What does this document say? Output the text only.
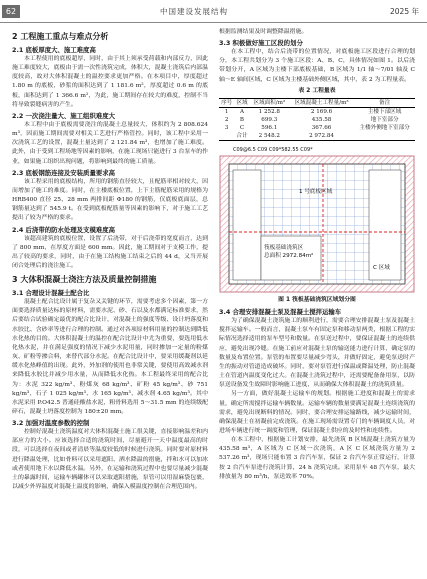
62	中国建设发展结构	2025 年
2 工程施工重点与难点分析
2.1 底板厚度大、施工难度高

本工程使用的底板超厚，同时，由于其上须承受荷载和内部反力，因此施工难度较大，底板由于需一次性浇筑完成，体积大，混凝土浇筑后内部温度较高，故对大体积混凝土的温控要求更加严格。在本项目中，厚度超过 1.80 m 的底板，砂浆的面积达到了 1 181.6 m²，厚度超过 0.6 m 的底板，面积达到了 1 366.6 m²，为此，施工期间存在较大的难度，控制不当将导致裂缝病害的产生。

2.2 一次浇注量大、施工组织难度大

本工程中由于底板需要浇注的混凝土总量较大，体积约为 2 808.624 m³，因而施工期间需要对相关工艺进行严格管控。同时，该工程中采用一次浇筑工艺的设置，混凝土量达到了 2 121.84 m³，也增加了施工难度。此外，由于受到工程场地等因素的影响，在施工现场只能进行 3 台泵车的作业，如果施工组织出现问题，将影响到最终的施工质量。

2.3 底板钢筋连接及安装质量要求高

该工程采用的底板结构，所用的钢筋直径较大，且配筋率相对较大，因而增加了施工的难度。同时，在主楼底板位置，上下主筋配筋采用的规格为 HRB400 直径 25、28 mm 两排间距 Φ180 的钢筋，仅底板底面层，总钢筋量达到了 545.9 t。在受到底板配筋量等因素的影响下，对于施工工艺提出了较为严格的要求。

2.4 后浇带的防水处理及支模难度高

该超高建筑的底板位置，设置了后浇带，对于后浇带的宽度而言，达到了 800 mm，在厚度方面是 600 mm。因此，施工期间对于支模工作，提出了较高的要求，同时，由于在施工结构施工结束之后的 44 d，又当开展闭合处理后的浇注施工。

3 大体积混凝土浇注方法及质量控制措施
3.1 合理设计混凝土配合比

混凝土配合比设计属于复杂又关键的环节，需要考虑多个因素，第一方面要选择质量达标的原材料，需要水泥、砂、石以及水都满足标准要求，然后要结合试验确定最优的配合比设计，对混凝土的强度等级、设计坍落度和水胶比、含砂率等进行合理的控制。通过对各项原材料用量的控制达到降低水化热的目的。大体积混凝土的温控在配合比设计中尤为重要，要选用低水化热水泥，并在满足强度的情况下减少水泥用量，同时掺加一定量的粉煤灰、矿粉等掺合料，来替代部分水泥。在配合比设计中，要采用缓凝剂以延缓水化热峰值的出现。此外，外加剂的使用也非常关键，要使用高效减水剂来降低水胶比并减少用水量，从而降低水化热。本工程最终采用的配合比为：水泥 322 kg/m³、粉煤灰 68 kg/m³、矿粉 45 kg/m³、砂 751 kg/m³、石子 1 025 kg/m³、水 165 kg/m³、减水剂 4.65 kg/m³。其中水泥采用 P.O42.5 普通硅酸盐水泥，粗骨料选用 5～31.5 mm 的连续级配碎石，混凝土坍落度控制为 180±20 mm。

3.2 加强对温度参数的控制

控制好混凝土浇筑温度对大体积混凝土施工很关键，直接影响温差和内部应力的大小。应该选择合适的浇筑时间，尽量避开一天中温度最高的时段，可以选择在夜间或者清晨等温度较低的时候进行浇筑。同时要对原材料进行降温处理，比如骨料可以采用遮阳、洒水降温的措施，拌和水可以加冰或者使用地下水以降低水温。另外，在运输和浇筑过程中也要尽量减少混凝土的暴露时间，运输车辆罐体可以采取遮阳措施，泵管可以用湿麻袋包裹，以减少外界温度对混凝土温度的影响，确保入模温度控制在合理范围内。

根据监测结果及时调整降温措施。

3.3 积极做好施工区段的划分

在本工程中，结合后浇带的位置情况，对底板施工区段进行合理的划分，本工程共划分为 3 个施工区段：A、B、C，具体情况如图 1。以后浇带划分开，A 区域为主楼下部底板基础，B 区域为 1/1 轴～7/01 轴及 C 轴～E 轴间区域，C 区域为主楼基础外侧区域，其中，表 2 为工程量表。

表 2 工程量表
序号	区域	区域面积/m²	区域混凝土工程量/m³	备注
1	A	1 252.8	2 169.6	主楼下部区域
2	B	699.3	435.58	地下室部分
3	C	596.1	367.66	主楼外侧地下室部分
	合计	2 548.2	2 972.84	
C09@6.5 C09 C09*582.55 C09*
1 号底板区域
筏板基础浇筑区
总面积 2972.84m²
C 区域
图 1 筏板基础浇筑区域划分图
3.4 合理安排混凝土泵及混凝土搅拌运输车

为了确保混凝土浇筑施工的顺利进行，需要合理安排混凝土泵及混凝土搅拌运输车。一般而言，混凝土泵车有固定泵和移动泵两类，根据工程的实际情况选择适用的泵车型号和数量。在泵送过程中，要保证混凝土的连续供应，避免出现冷缝。在施工前应对混凝土泵的输送能力进行计算，确定泵的数量及布置位置。泵管的布置要尽量减少弯头，并做好固定，避免泵送时产生的振动对管道造成破坏。同时，要对泵管进行保温或降温处理，防止混凝土在管道内温度变化过大。在混凝土浇筑过程中，还需要配备备用泵，以防泵送设备发生故障时影响施工进度，从而确保大体积混凝土的浇筑质量。

另一方面，做好混凝土运输车的规划。根据施工进度和混凝土的需求量，确定所需搅拌运输车辆数量。运输车辆的数量要满足混凝土连续浇筑的需求，避免出现断料的情况。同时，要合理安排运输路线，减少运输时间，确保混凝土在初凝前完成浇筑。在施工现场需设置专门的车辆调度人员，对进场车辆进行统一调度和管理，保证混凝土供应的及时性和连续性。

在本工程中，根据施工计划安排，最先浇筑 B 区域混凝土浇筑方量为 435.58 m³，A 区域为 C 区域一次浇筑，A 区 C 区域浇筑方量为 2 537.26 m³，现场只能布置 3 台汽车泵，保证 2 台汽车泵正常运行，计算按 2 台汽车泵进行浇筑计算，24 h 浇筑完成。采用泵车 48 汽车泵，最大排放量为 80 m³/h，泵送效率 70%。
